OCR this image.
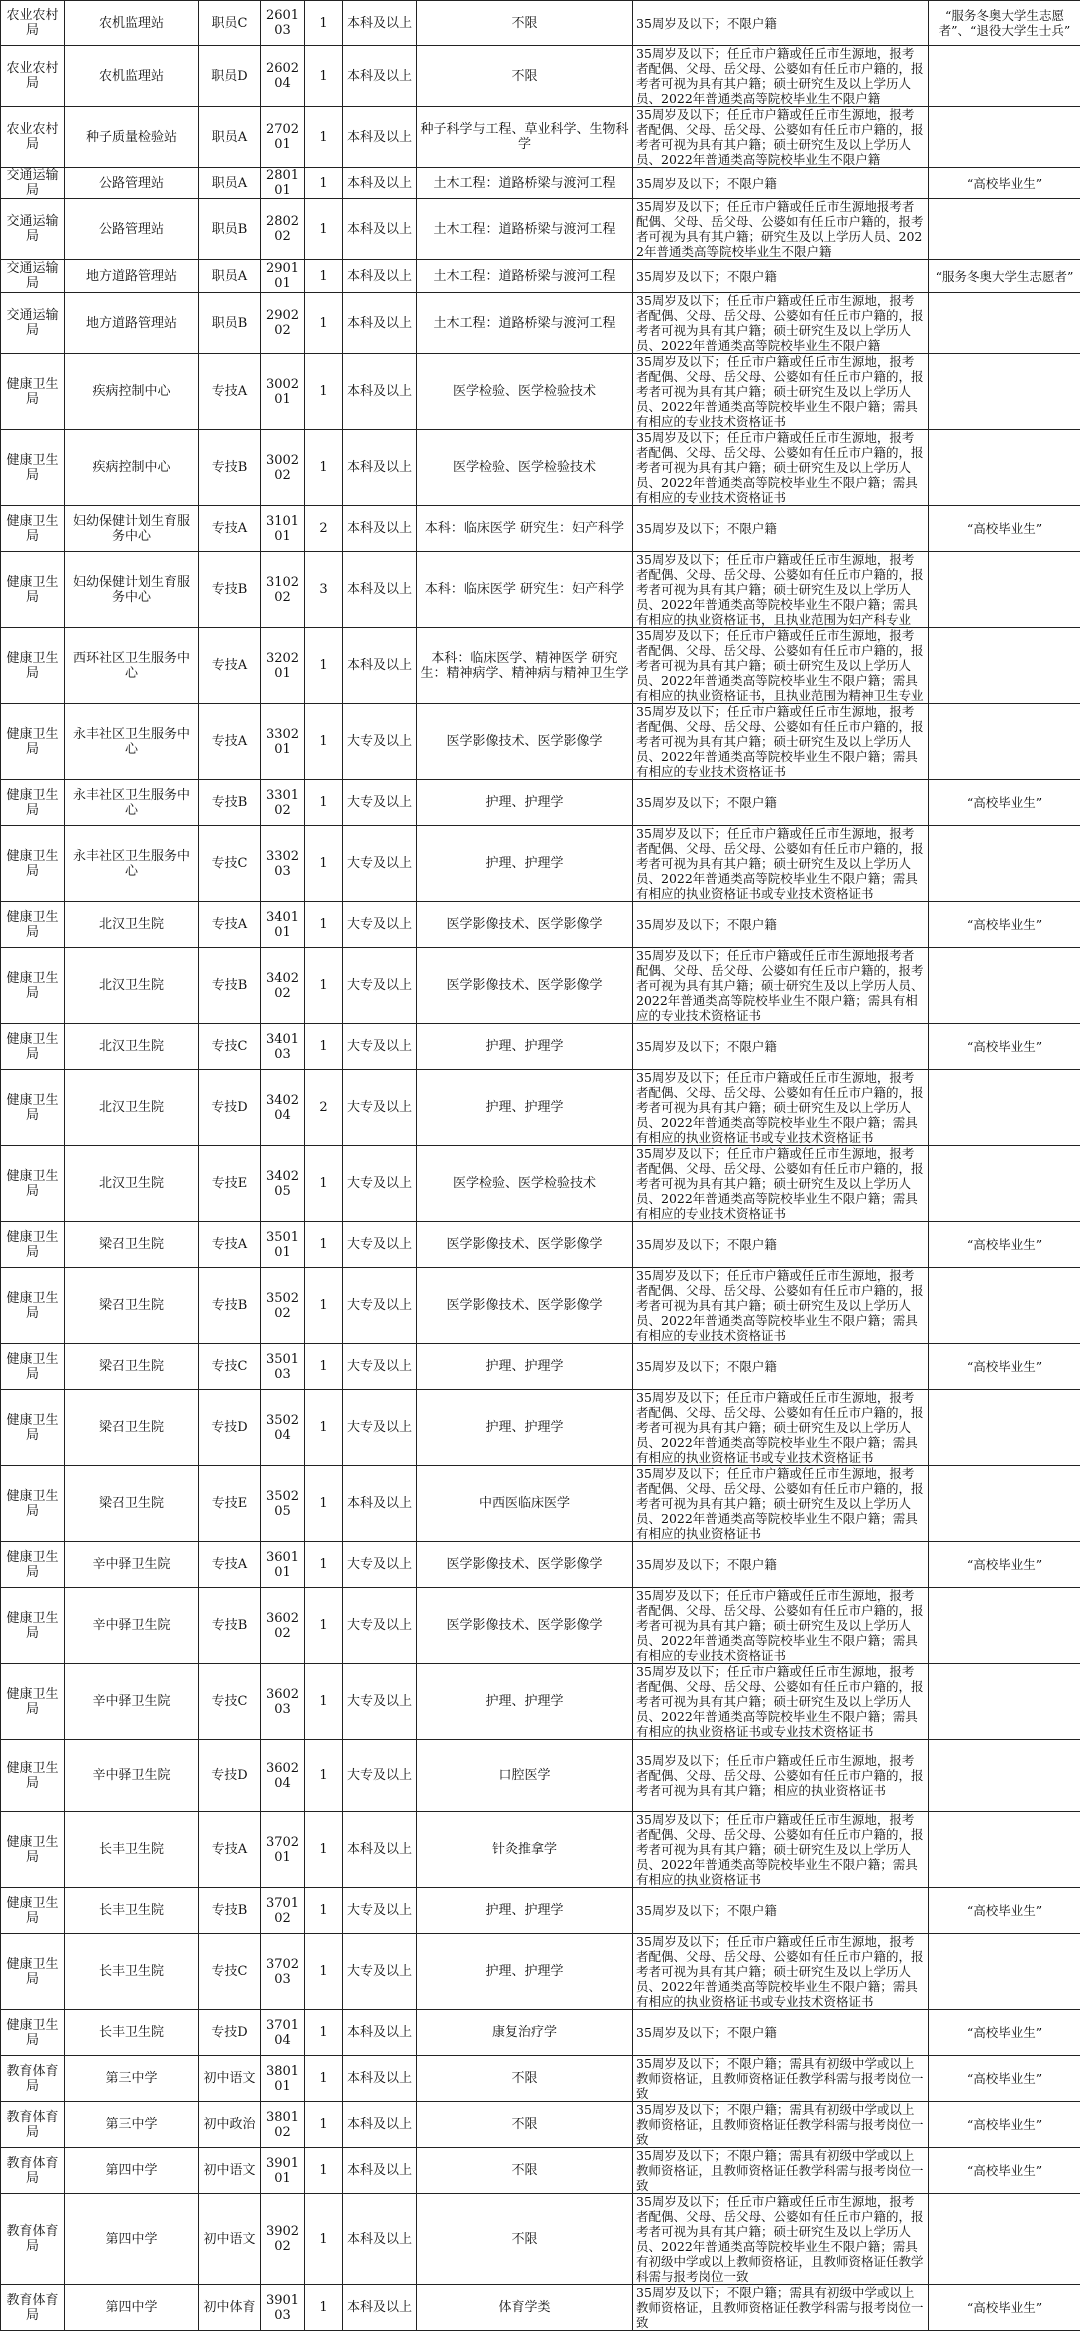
农业农村局	农机监理站	职员C	260103	1	本科及以上	不限	35周岁及以下；不限户籍	“服务冬奥大学生志愿者”、“退役大学生士兵”
农业农村局	农机监理站	职员D	260204	1	本科及以上	不限	35周岁及以下；任丘市户籍或任丘市生源地，报考者配偶、父母、岳父母、公婆如有任丘市户籍的，报考者可视为具有其户籍；硕士研究生及以上学历人员、2022年普通类高等院校毕业生不限户籍	
农业农村局	种子质量检验站	职员A	270201	1	本科及以上	种子科学与工程、草业科学、生物科学	35周岁及以下；任丘市户籍或任丘市生源地，报考者配偶、父母、岳父母、公婆如有任丘市户籍的，报考者可视为具有其户籍；硕士研究生及以上学历人员、2022年普通类高等院校毕业生不限户籍	
交通运输局	公路管理站	职员A	280101	1	本科及以上	土木工程：道路桥梁与渡河工程	35周岁及以下；不限户籍	“高校毕业生”
交通运输局	公路管理站	职员B	280202	1	本科及以上	土木工程：道路桥梁与渡河工程	35周岁及以下；任丘市户籍或任丘市生源地报考者配偶、父母、岳父母、公婆如有任丘市户籍的，报考者可视为具有其户籍；研究生及以上学历人员、2022年普通类高等院校毕业生不限户籍	
交通运输局	地方道路管理站	职员A	290101	1	本科及以上	土木工程：道路桥梁与渡河工程	35周岁及以下；不限户籍	“服务冬奥大学生志愿者”
交通运输局	地方道路管理站	职员B	290202	1	本科及以上	土木工程：道路桥梁与渡河工程	35周岁及以下；任丘市户籍或任丘市生源地，报考者配偶、父母、岳父母、公婆如有任丘市户籍的，报考者可视为具有其户籍；硕士研究生及以上学历人员、2022年普通类高等院校毕业生不限户籍	
健康卫生局	疾病控制中心	专技A	300201	1	本科及以上	医学检验、医学检验技术	35周岁及以下；任丘市户籍或任丘市生源地，报考者配偶、父母、岳父母、公婆如有任丘市户籍的，报考者可视为具有其户籍；硕士研究生及以上学历人员、2022年普通类高等院校毕业生不限户籍；需具有相应的专业技术资格证书	
健康卫生局	疾病控制中心	专技B	300202	1	本科及以上	医学检验、医学检验技术	35周岁及以下；任丘市户籍或任丘市生源地，报考者配偶、父母、岳父母、公婆如有任丘市户籍的，报考者可视为具有其户籍；硕士研究生及以上学历人员、2022年普通类高等院校毕业生不限户籍；需具有相应的专业技术资格证书	
健康卫生局	妇幼保健计划生育服务中心	专技A	310101	2	本科及以上	本科：临床医学 研究生：妇产科学	35周岁及以下；不限户籍	“高校毕业生”
健康卫生局	妇幼保健计划生育服务中心	专技B	310202	3	本科及以上	本科：临床医学 研究生：妇产科学	35周岁及以下；任丘市户籍或任丘市生源地，报考者配偶、父母、岳父母、公婆如有任丘市户籍的，报考者可视为具有其户籍；硕士研究生及以上学历人员、2022年普通类高等院校毕业生不限户籍；需具有相应的执业资格证书，且执业范围为妇产科专业	
健康卫生局	西环社区卫生服务中心	专技A	320201	1	本科及以上	本科：临床医学、精神医学 研究生：精神病学、精神病与精神卫生学	35周岁及以下；任丘市户籍或任丘市生源地，报考者配偶、父母、岳父母、公婆如有任丘市户籍的，报考者可视为具有其户籍；硕士研究生及以上学历人员、2022年普通类高等院校毕业生不限户籍；需具有相应的执业资格证书，且执业范围为精神卫生专业	
健康卫生局	永丰社区卫生服务中心	专技A	330201	1	大专及以上	医学影像技术、医学影像学	35周岁及以下；任丘市户籍或任丘市生源地，报考者配偶、父母、岳父母、公婆如有任丘市户籍的，报考者可视为具有其户籍；硕士研究生及以上学历人员、2022年普通类高等院校毕业生不限户籍；需具有相应的专业技术资格证书	
健康卫生局	永丰社区卫生服务中心	专技B	330102	1	大专及以上	护理、护理学	35周岁及以下；不限户籍	“高校毕业生”
健康卫生局	永丰社区卫生服务中心	专技C	330203	1	大专及以上	护理、护理学	35周岁及以下；任丘市户籍或任丘市生源地，报考者配偶、父母、岳父母、公婆如有任丘市户籍的，报考者可视为具有其户籍；硕士研究生及以上学历人员、2022年普通类高等院校毕业生不限户籍；需具有相应的执业资格证书或专业技术资格证书	
健康卫生局	北汉卫生院	专技A	340101	1	大专及以上	医学影像技术、医学影像学	35周岁及以下；不限户籍	“高校毕业生”
健康卫生局	北汉卫生院	专技B	340202	1	大专及以上	医学影像技术、医学影像学	35周岁及以下；任丘市户籍或任丘市生源地报考者配偶、父母、岳父母、公婆如有任丘市户籍的，报考者可视为具有其户籍；硕士研究生及以上学历人员、2022年普通类高等院校毕业生不限户籍；需具有相应的专业技术资格证书	
健康卫生局	北汉卫生院	专技C	340103	1	大专及以上	护理、护理学	35周岁及以下；不限户籍	“高校毕业生”
健康卫生局	北汉卫生院	专技D	340204	2	大专及以上	护理、护理学	35周岁及以下；任丘市户籍或任丘市生源地，报考者配偶、父母、岳父母、公婆如有任丘市户籍的，报考者可视为具有其户籍；硕士研究生及以上学历人员、2022年普通类高等院校毕业生不限户籍；需具有相应的执业资格证书或专业技术资格证书	
健康卫生局	北汉卫生院	专技E	340205	1	大专及以上	医学检验、医学检验技术	35周岁及以下；任丘市户籍或任丘市生源地，报考者配偶、父母、岳父母、公婆如有任丘市户籍的，报考者可视为具有其户籍；硕士研究生及以上学历人员、2022年普通类高等院校毕业生不限户籍；需具有相应的专业技术资格证书	
健康卫生局	梁召卫生院	专技A	350101	1	大专及以上	医学影像技术、医学影像学	35周岁及以下；不限户籍	“高校毕业生”
健康卫生局	梁召卫生院	专技B	350202	1	大专及以上	医学影像技术、医学影像学	35周岁及以下；任丘市户籍或任丘市生源地，报考者配偶、父母、岳父母、公婆如有任丘市户籍的，报考者可视为具有其户籍；硕士研究生及以上学历人员、2022年普通类高等院校毕业生不限户籍；需具有相应的专业技术资格证书	
健康卫生局	梁召卫生院	专技C	350103	1	大专及以上	护理、护理学	35周岁及以下；不限户籍	“高校毕业生”
健康卫生局	梁召卫生院	专技D	350204	1	大专及以上	护理、护理学	35周岁及以下；任丘市户籍或任丘市生源地，报考者配偶、父母、岳父母、公婆如有任丘市户籍的，报考者可视为具有其户籍；硕士研究生及以上学历人员、2022年普通类高等院校毕业生不限户籍；需具有相应的执业资格证书或专业技术资格证书	
健康卫生局	梁召卫生院	专技E	350205	1	本科及以上	中西医临床医学	35周岁及以下；任丘市户籍或任丘市生源地，报考者配偶、父母、岳父母、公婆如有任丘市户籍的，报考者可视为具有其户籍；硕士研究生及以上学历人员、2022年普通类高等院校毕业生不限户籍；需具有相应的执业资格证书	
健康卫生局	辛中驿卫生院	专技A	360101	1	大专及以上	医学影像技术、医学影像学	35周岁及以下；不限户籍	“高校毕业生”
健康卫生局	辛中驿卫生院	专技B	360202	1	大专及以上	医学影像技术、医学影像学	35周岁及以下；任丘市户籍或任丘市生源地，报考者配偶、父母、岳父母、公婆如有任丘市户籍的，报考者可视为具有其户籍；硕士研究生及以上学历人员、2022年普通类高等院校毕业生不限户籍；需具有相应的专业技术资格证书	
健康卫生局	辛中驿卫生院	专技C	360203	1	大专及以上	护理、护理学	35周岁及以下；任丘市户籍或任丘市生源地，报考者配偶、父母、岳父母、公婆如有任丘市户籍的，报考者可视为具有其户籍；硕士研究生及以上学历人员、2022年普通类高等院校毕业生不限户籍；需具有相应的执业资格证书或专业技术资格证书	
健康卫生局	辛中驿卫生院	专技D	360204	1	大专及以上	口腔医学	35周岁及以下；任丘市户籍或任丘市生源地，报考者配偶、父母、岳父母、公婆如有任丘市户籍的，报考者可视为具有其户籍；相应的执业资格证书	
健康卫生局	长丰卫生院	专技A	370201	1	本科及以上	针灸推拿学	35周岁及以下；任丘市户籍或任丘市生源地，报考者配偶、父母、岳父母、公婆如有任丘市户籍的，报考者可视为具有其户籍；硕士研究生及以上学历人员、2022年普通类高等院校毕业生不限户籍；需具有相应的执业资格证书	
健康卫生局	长丰卫生院	专技B	370102	1	大专及以上	护理、护理学	35周岁及以下；不限户籍	“高校毕业生”
健康卫生局	长丰卫生院	专技C	370203	1	大专及以上	护理、护理学	35周岁及以下；任丘市户籍或任丘市生源地，报考者配偶、父母、岳父母、公婆如有任丘市户籍的，报考者可视为具有其户籍；硕士研究生及以上学历人员、2022年普通类高等院校毕业生不限户籍；需具有相应的执业资格证书或专业技术资格证书	
健康卫生局	长丰卫生院	专技D	370104	1	本科及以上	康复治疗学	35周岁及以下；不限户籍	“高校毕业生”
教育体育局	第三中学	初中语文	380101	1	本科及以上	不限	35周岁及以下；不限户籍；需具有初级中学或以上教师资格证，且教师资格证任教学科需与报考岗位一致	“高校毕业生”
教育体育局	第三中学	初中政治	380102	1	本科及以上	不限	35周岁及以下；不限户籍；需具有初级中学或以上教师资格证，且教师资格证任教学科需与报考岗位一致	“高校毕业生”
教育体育局	第四中学	初中语文	390101	1	本科及以上	不限	35周岁及以下；不限户籍；需具有初级中学或以上教师资格证，且教师资格证任教学科需与报考岗位一致	“高校毕业生”
教育体育局	第四中学	初中语文	390202	1	本科及以上	不限	35周岁及以下；任丘市户籍或任丘市生源地，报考者配偶、父母、岳父母、公婆如有任丘市户籍的，报考者可视为具有其户籍；硕士研究生及以上学历人员、2022年普通类高等院校毕业生不限户籍；需具有初级中学或以上教师资格证，且教师资格证任教学科需与报考岗位一致	
教育体育局	第四中学	初中体育	390103	1	本科及以上	体育学类	35周岁及以下；不限户籍；需具有初级中学或以上教师资格证，且教师资格证任教学科需与报考岗位一致	“高校毕业生”
